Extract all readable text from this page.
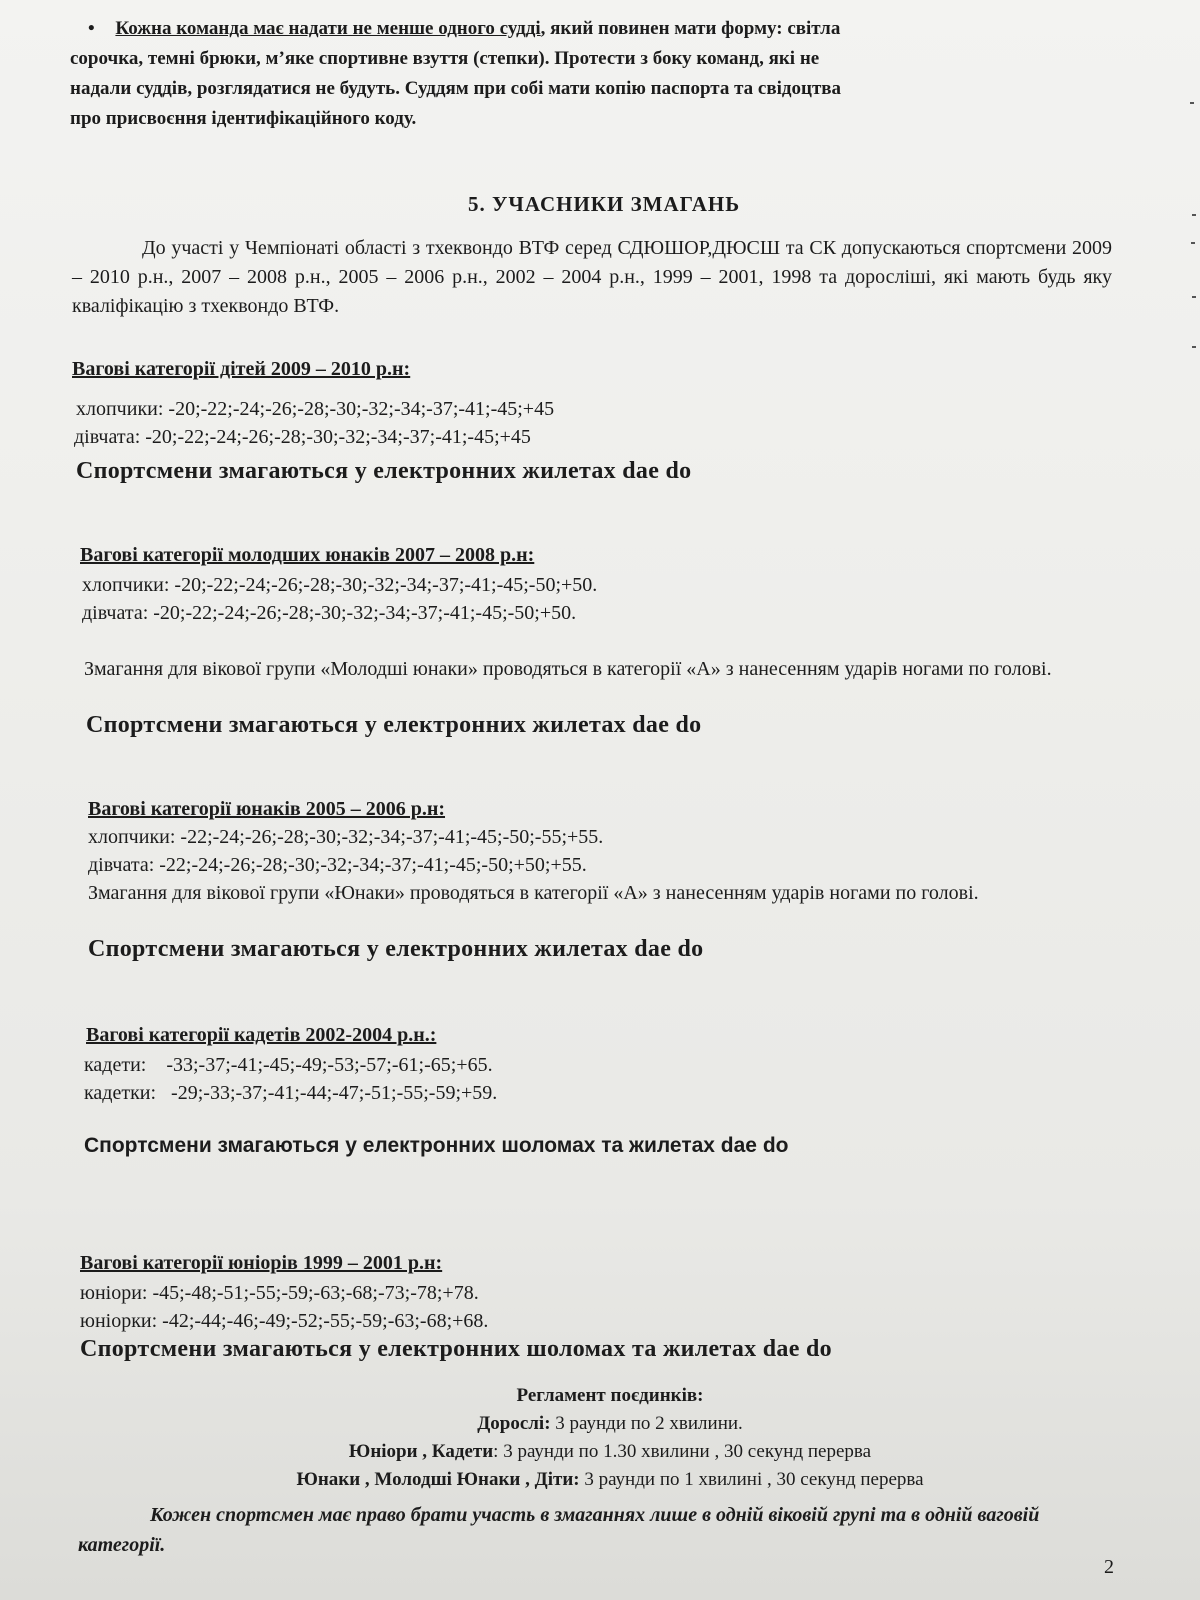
• Кожна команда має надати не менше одного судді, який повинен мати форму: світла
сорочка, темні брюки, м’яке спортивне взуття (степки). Протести з боку команд, які не
надали суддів, розглядатися не будуть. Суддям при собі мати копію паспорта та свідоцтва
про присвоєння ідентифікаційного коду.
5. УЧАСНИКИ ЗМАГАНЬ
До участі у Чемпіонаті області з тхеквондо ВТФ серед СДЮШОР,ДЮСШ та СК допускаються спортсмени 2009 – 2010 р.н., 2007 – 2008 р.н., 2005 – 2006 р.н., 2002 – 2004 р.н., 1999 – 2001, 1998 та дорослiшi, які мають будь яку кваліфікацію з тхеквондо ВТФ.
Вагові категорії дітей 2009 – 2010 р.н:
хлопчики: -20;-22;-24;-26;-28;-30;-32;-34;-37;-41;-45;+45
дівчата: -20;-22;-24;-26;-28;-30;-32;-34;-37;-41;-45;+45
Спортсмени змагаються у електронних жилетах dae do
Вагові категорії молодших юнаків 2007 – 2008 р.н:
хлопчики: -20;-22;-24;-26;-28;-30;-32;-34;-37;-41;-45;-50;+50.
дівчата: -20;-22;-24;-26;-28;-30;-32;-34;-37;-41;-45;-50;+50.
Змагання для вікової групи «Молодші юнаки» проводяться в категорії «А» з нанесенням ударів ногами по голові.
Спортсмени змагаються у електронних жилетах dae do
Вагові категорії юнаків 2005 – 2006 р.н:
хлопчики: -22;-24;-26;-28;-30;-32;-34;-37;-41;-45;-50;-55;+55.
дівчата: -22;-24;-26;-28;-30;-32;-34;-37;-41;-45;-50;+50;+55.
Змагання для вікової групи «Юнаки» проводяться в категорії «А» з нанесенням ударів ногами по голові.
Спортсмени змагаються у електронних жилетах dae do
Вагові категорії кадетів 2002-2004 р.н.:
кадети:    -33;-37;-41;-45;-49;-53;-57;-61;-65;+65.
кадетки:   -29;-33;-37;-41;-44;-47;-51;-55;-59;+59.
Спортсмени змагаються у електронних шоломах та жилетах dae do
Вагові категорії юніорів 1999 – 2001 р.н:
юніори: -45;-48;-51;-55;-59;-63;-68;-73;-78;+78.
юніорки: -42;-44;-46;-49;-52;-55;-59;-63;-68;+68.
Спортсмени змагаються у електронних шоломах та жилетах dae do
Регламент поєдинків:
Дорослі: 3 раунди по 2 хвилини.
Юніори , Кадети: 3 раунди по 1.30 хвилини , 30 секунд перерва
Юнаки , Молодші Юнаки , Діти: 3 раунди по 1 хвилині , 30 секунд перерва
Кожен спортсмен має право брати участь в змаганнях лише в одній віковій групі та в одній ваговій категорії.
2
